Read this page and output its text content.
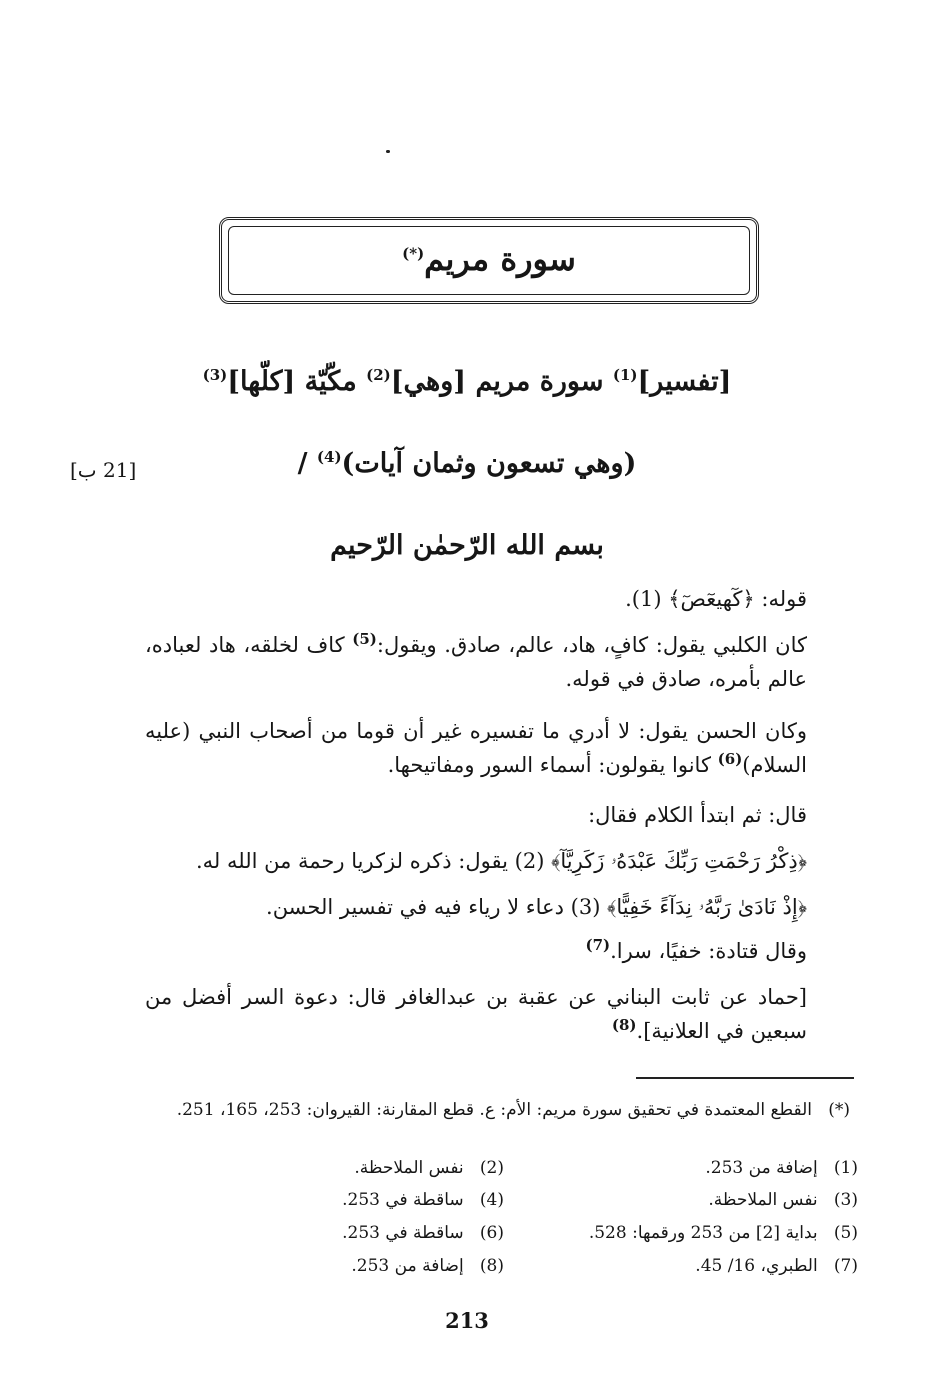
سورة مريم(*)
[تفسير]$^{(1)}$ سورة مريم [وهي]$^{(2)}$ مكّيّة [كلّها]$^{(3)}$
(وهي تسعون وثمان آيات)$^{(4)}$ /
[21 ب]
بسم الله الرّحمٰن الرّحيم
قوله: ﴿كٓهيعٓصٓ﴾ (1).
كان الكلبي يقول: كافٍ، هاد، عالم، صادق. ويقول:$^{(5)}$ كاف لخلقه، هاد لعباده، عالم بأمره، صادق في قوله.
وكان الحسن يقول: لا أدري ما تفسيره غير أن قوما من أصحاب النبي (عليه السلام)$^{(6)}$ كانوا يقولون: أسماء السور ومفاتيحها.
قال: ثم ابتدأ الكلام فقال:
﴿ذِكْرُ رَحْمَتِ رَبِّكَ عَبْدَهُۥ زَكَرِيَّآ﴾ (2) يقول: ذكره لزكريا رحمة من الله له.
﴿إِذْ نَادَىٰ رَبَّهُۥ نِدَآءً خَفِيًّا﴾ (3) دعاء لا رياء فيه في تفسير الحسن.
وقال قتادة: خفيًا، سرا.$^{(7)}$
[حماد عن ثابت البناني عن عقبة بن عبدالغافر قال: دعوة السر أفضل من سبعين في العلانية].$^{(8)}$
(*)   القطع المعتمدة في تحقيق سورة مريم: الأم: ع. قطع المقارنة: القيروان: 253، 165، 251.
(1)   إضافة من 253.
(2)   نفس الملاحظة.
(3)   نفس الملاحظة.
(4)   ساقطة في 253.
(5)   بداية [2] من 253 ورقمها: 528.
(6)   ساقطة في 253.
(7)   الطبري، 16/ 45.
(8)   إضافة من 253.
213
